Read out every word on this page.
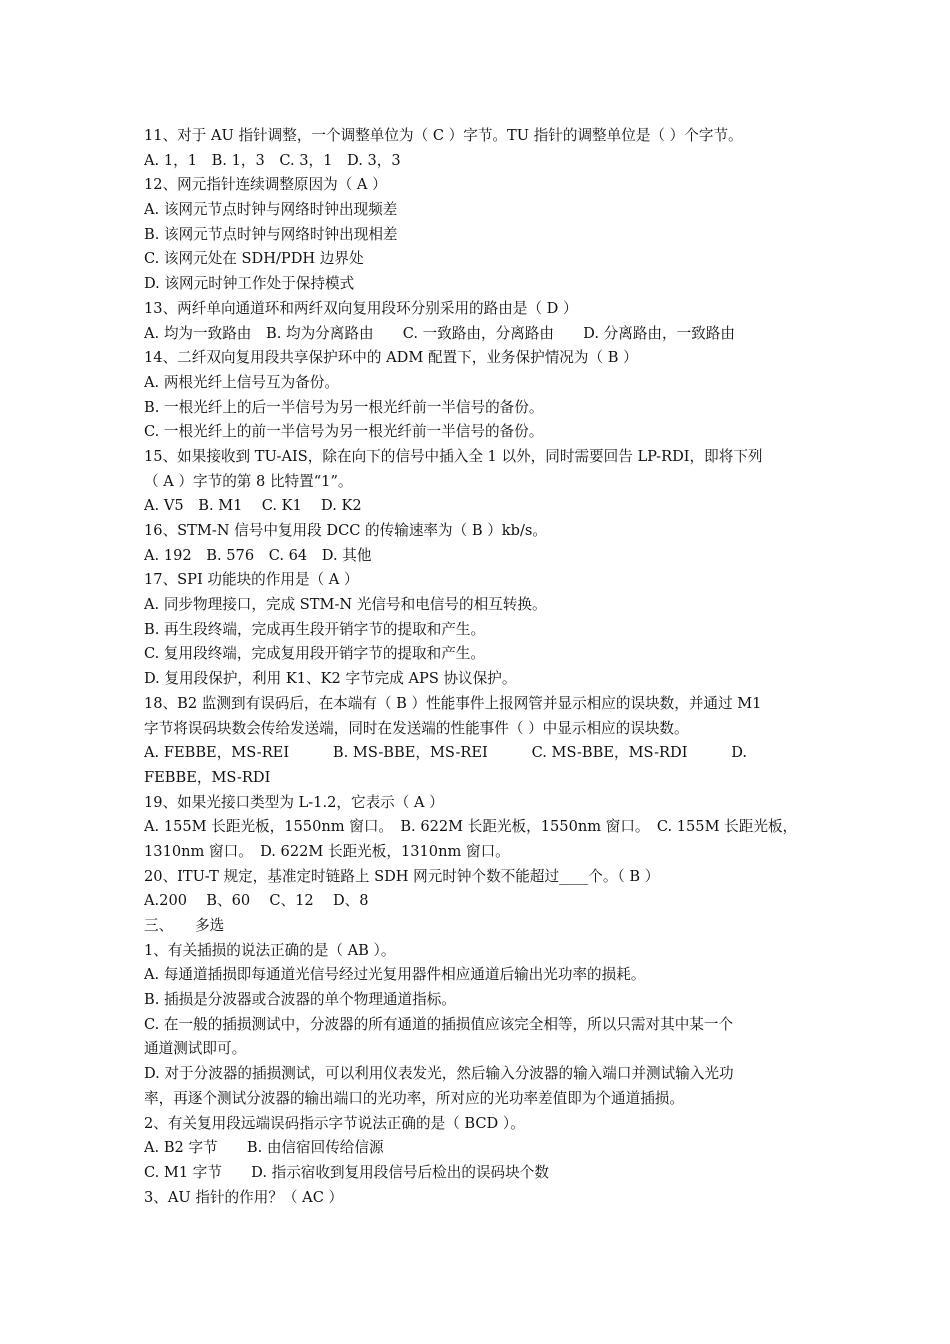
11、对于 AU 指针调整，一个调整单位为（ C ）字节。TU 指针的调整单位是（ ）个字节。
A. 1，1　B. 1，3　C. 3，1　D. 3，3
12、网元指针连续调整原因为（ A ）
A. 该网元节点时钟与网络时钟出现频差
B. 该网元节点时钟与网络时钟出现相差
C. 该网元处在 SDH/PDH 边界处
D. 该网元时钟工作处于保持模式
13、两纤单向通道环和两纤双向复用段环分别采用的路由是（ D ）
A. 均为一致路由　B. 均为分离路由　　C. 一致路由，分离路由　　D. 分离路由，一致路由
14、二纤双向复用段共享保护环中的 ADM 配置下，业务保护情况为（ B ）
A. 两根光纤上信号互为备份。
B. 一根光纤上的后一半信号为另一根光纤前一半信号的备份。
C. 一根光纤上的前一半信号为另一根光纤前一半信号的备份。
15、如果接收到 TU-AIS，除在向下的信号中插入全 1 以外，同时需要回告 LP-RDI，即将下列
（ A ）字节的第 8 比特置“1”。
A. V5　B. M1　 C. K1　 D. K2
16、STM-N 信号中复用段 DCC 的传输速率为（ B ）kb/s。
A. 192　B. 576　C. 64　D. 其他
17、SPI 功能块的作用是（ A ）
A. 同步物理接口，完成 STM-N 光信号和电信号的相互转换。
B. 再生段终端，完成再生段开销字节的提取和产生。
C. 复用段终端，完成复用段开销字节的提取和产生。
D. 复用段保护，利用 K1、K2 字节完成 APS 协议保护。
18、B2 监测到有误码后，在本端有（ B ）性能事件上报网管并显示相应的误块数，并通过 M1
字节将误码块数会传给发送端，同时在发送端的性能事件（ ）中显示相应的误块数。
A. FEBBE，MS-REI　　　B. MS-BBE，MS-REI　　　C. MS-BBE，MS-RDI　　　D.
FEBBE，MS-RDI
19、如果光接口类型为 L-1.2，它表示（ A ）
A. 155M 长距光板，1550nm 窗口。　B. 622M 长距光板，1550nm 窗口。　C. 155M 长距光板，
1310nm 窗口。　D. 622M 长距光板，1310nm 窗口。
20、ITU-T 规定，基准定时链路上 SDH 网元时钟个数不能超过____个。（ B ）
A.200　 B、60　 C、12　 D、8
三、　　多选
1、有关插损的说法正确的是（ AB ）。
A. 每通道插损即每通道光信号经过光复用器件相应通道后输出光功率的损耗。
B. 插损是分波器或合波器的单个物理通道指标。
C. 在一般的插损测试中，分波器的所有通道的插损值应该完全相等，所以只需对其中某一个
通道测试即可。
D. 对于分波器的插损测试，可以利用仪表发光，然后输入分波器的输入端口并测试输入光功
率，再逐个测试分波器的输出端口的光功率，所对应的光功率差值即为个通道插损。
2、有关复用段远端误码指示字节说法正确的是（ BCD ）。
A. B2 字节　　B. 由信宿回传给信源
C. M1 字节　　D. 指示宿收到复用段信号后检出的误码块个数
3、AU 指针的作用？（ AC ）
